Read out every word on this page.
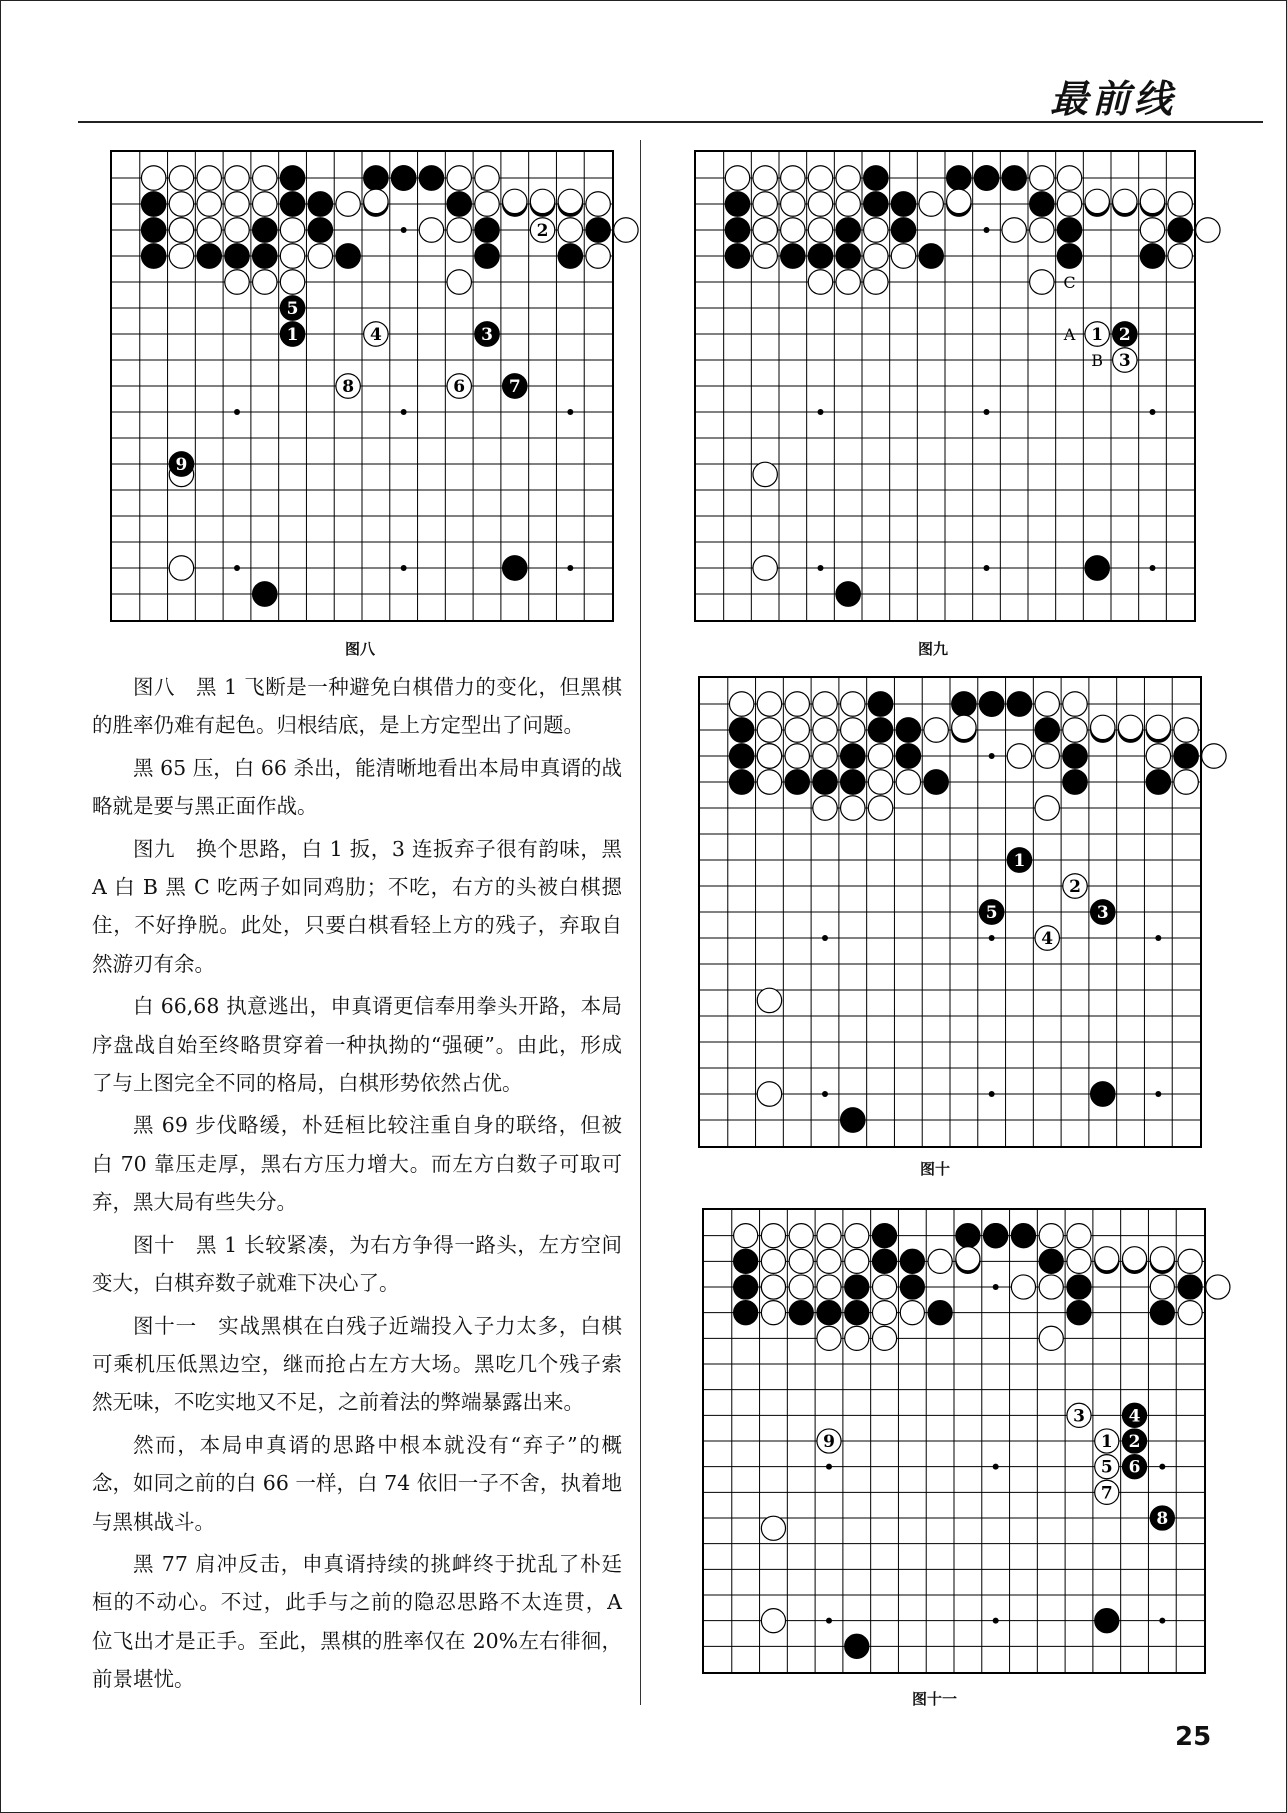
最前线
1
2
3
4
5
6	7
8
9
图八
1 2
3
A
B
C
图九
1
2
3
4
5
图十
1 2
3	4
5 6
7
8
9
图十一

图八　黑 1 飞断是一种避免白棋借力的变化，但黑棋的胜率仍难有起色。归根结底，是上方定型出了问题。

黑 65 压，白 66 杀出，能清晰地看出本局申真谞的战略就是要与黑正面作战。

图九　换个思路，白 1 扳，3 连扳弃子很有韵味，黑 A 白 B 黑 C 吃两子如同鸡肋；不吃，右方的头被白棋摁住，不好挣脱。此处，只要白棋看轻上方的残子，弃取自然游刃有余。

白 66,68 执意逃出，申真谞更信奉用拳头开路，本局序盘战自始至终略贯穿着一种执拗的“强硬”。由此，形成了与上图完全不同的格局，白棋形势依然占优。

黑 69 步伐略缓，朴廷桓比较注重自身的联络，但被白 70 靠压走厚，黑右方压力增大。而左方白数子可取可弃，黑大局有些失分。

图十　黑 1 长较紧凑，为右方争得一路头，左方空间变大，白棋弃数子就难下决心了。

图十一　实战黑棋在白残子近端投入子力太多，白棋可乘机压低黑边空，继而抢占左方大场。黑吃几个残子索然无味，不吃实地又不足，之前着法的弊端暴露出来。

然而，本局申真谞的思路中根本就没有“弃子”的概念，如同之前的白 66 一样，白 74 依旧一子不舍，执着地与黑棋战斗。

黑 77 肩冲反击，申真谞持续的挑衅终于扰乱了朴廷桓的不动心。不过，此手与之前的隐忍思路不太连贯，A 位飞出才是正手。至此，黑棋的胜率仅在 20%左右徘徊，前景堪忧。

25
